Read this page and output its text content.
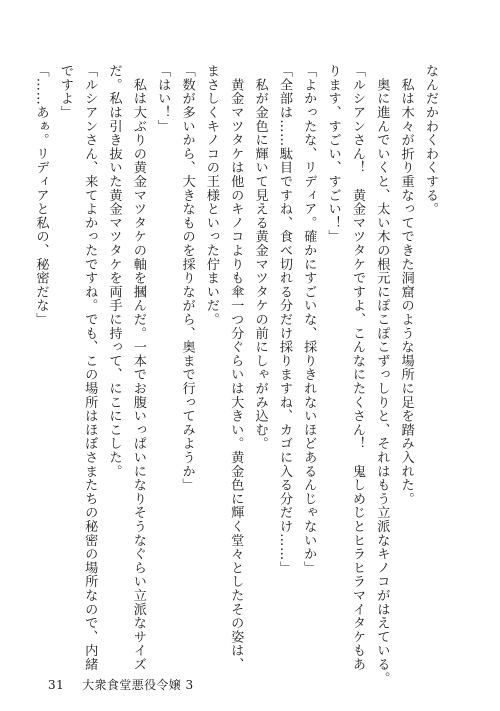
なんだかわくわくする。
　私は木々が折り重なってできた洞窟のような場所に足を踏み入れた。
　奥に進んでいくと、太い木の根元にぽこぽこずっしりと、それはもう立派なキノコがはえている。
「ルシアンさん！　黄金マツタケですよ、こんなにたくさん！　鬼しめじとヒラヒラマイタケもあ
ります、すごい、すごい！」
「よかったな、リディア。確かにすごいな、採りきれないほどあるんじゃないか」
「全部は……駄目ですね、食べ切れる分だけ採りますね、カゴに入る分だけ……」
　私が金色に輝いて見える黄金マツタケの前にしゃがみ込む。
　黄金マツタケは他のキノコよりも傘一つ分ぐらいは大きい。黄金色に輝く堂々としたその姿は、
まさしくキノコの王様といった佇まいだ。
「数が多いから、大きなものを採りながら、奥まで行ってみようか」
「はい！」
　私は大ぶりの黄金マツタケの軸を摑んだ。一本でお腹いっぱいになりそうなぐらい立派なサイズ
だ。私は引き抜いた黄金マツタケを両手に持って、にこにこした。
「ルシアンさん、来てよかったですね。でも、この場所はほぼさまたちの秘密の場所なので、内緒
ですよ」
「……あぁ。リディアと私の、秘密だな」
31 大衆食堂悪役令嬢 3
